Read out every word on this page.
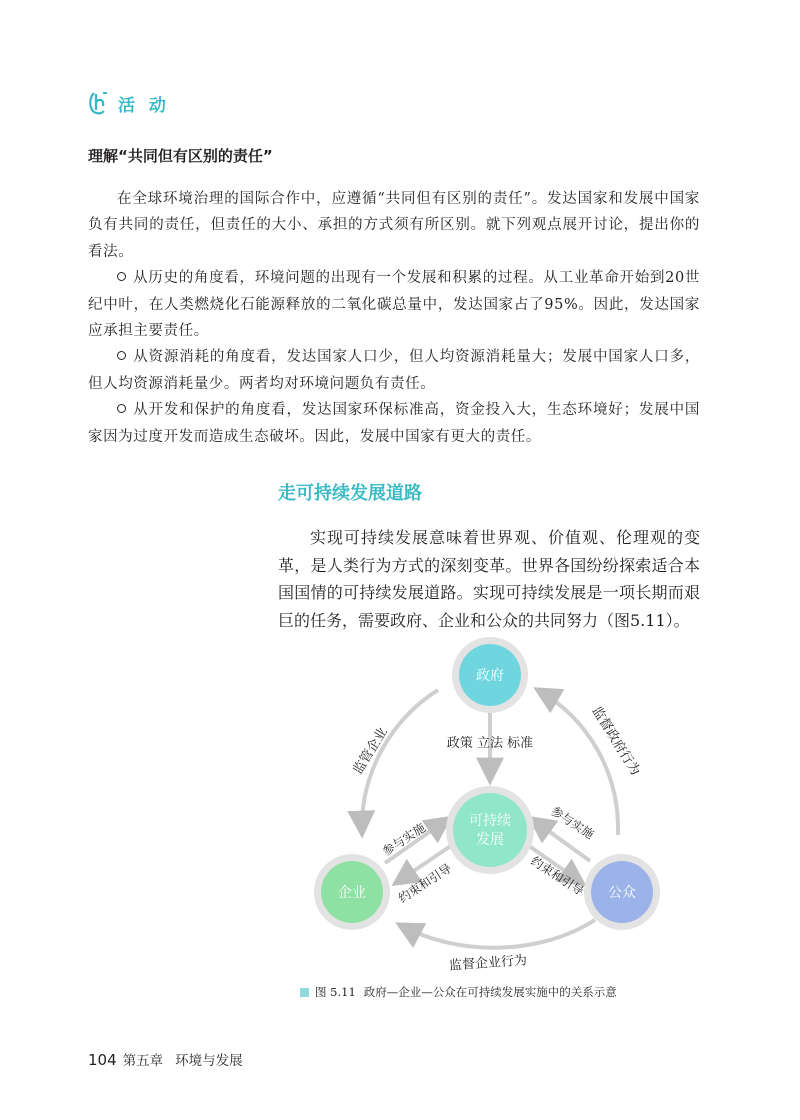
活 动
理解“共同但有区别的责任”

在全球环境治理的国际合作中，应遵循“共同但有区别的责任”。发达国家和发展中国家负有共同的责任，但责任的大小、承担的方式须有所区别。就下列观点展开讨论，提出你的看法。

从历史的角度看，环境问题的出现有一个发展和积累的过程。从工业革命开始到20世纪中叶，在人类燃烧化石能源释放的二氧化碳总量中，发达国家占了95%。因此，发达国家应承担主要责任。

从资源消耗的角度看，发达国家人口少，但人均资源消耗量大；发展中国家人口多，但人均资源消耗量少。两者均对环境问题负有责任。

从开发和保护的角度看，发达国家环保标准高，资金投入大，生态环境好；发展中国家因为过度开发而造成生态破坏。因此，发展中国家有更大的责任。

走可持续发展道路

实现可持续发展意味着世界观、价值观、伦理观的变革，是人类行为方式的深刻变革。世界各国纷纷探索适合本国国情的可持续发展道路。实现可持续发展是一项长期而艰巨的任务，需要政府、企业和公众的共同努力（图5.11）。

政府
可持续
发展
企业	公众
政策 立法 标准
监管企业	监督政府行为
监督企业行为
参与实施
约束和引导
参与实施
约束和引导
图 5.11 政府—企业—公众在可持续发展实施中的关系示意
104 第五章 环境与发展
